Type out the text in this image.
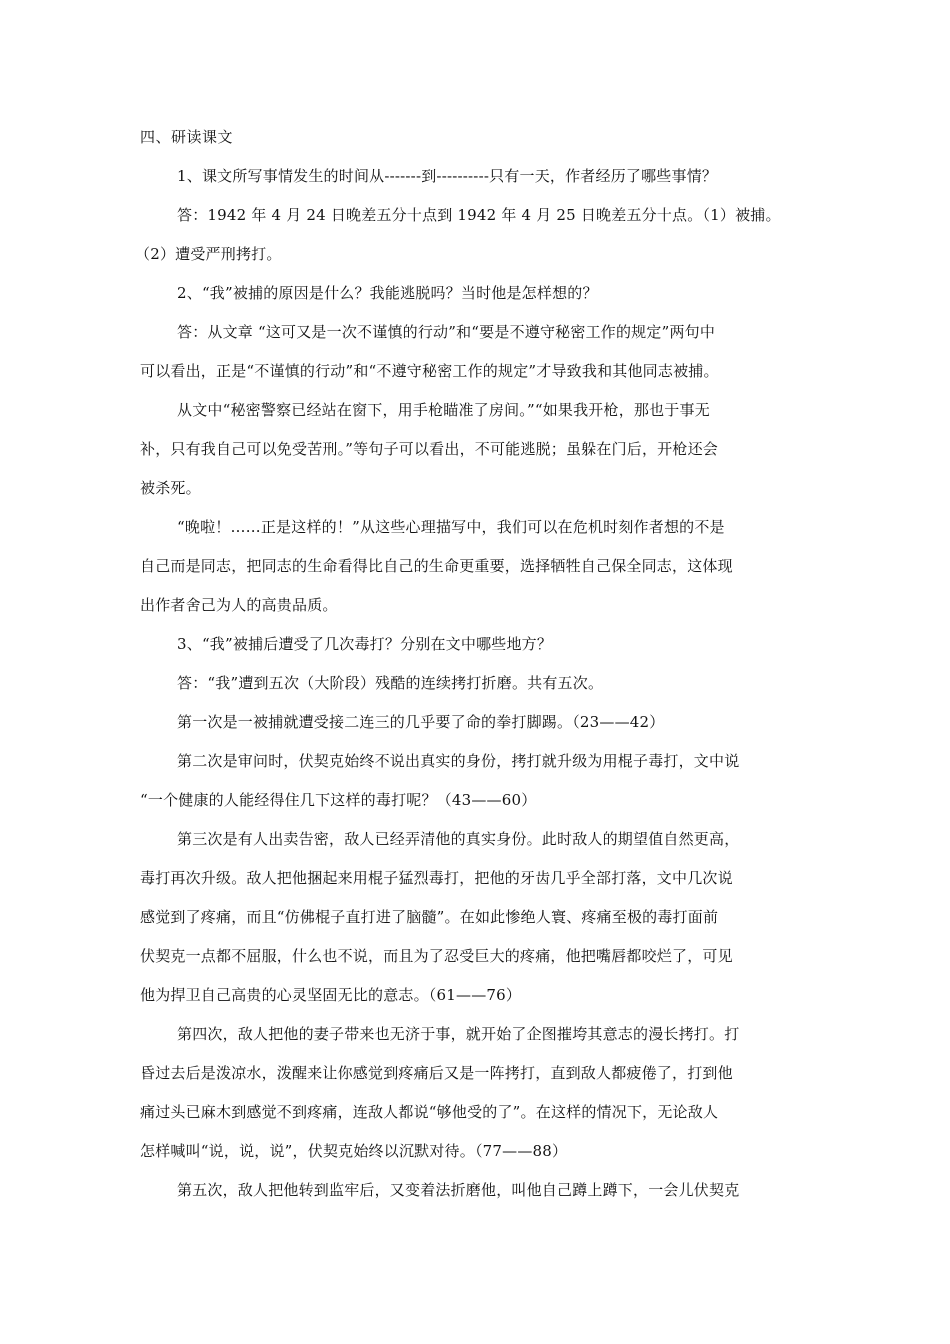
四、研读课文
1、课文所写事情发生的时间从-------到----------只有一天，作者经历了哪些事情？
答：1942 年 4 月 24 日晚差五分十点到 1942 年 4 月 25 日晚差五分十点。（1）被捕。
（2）遭受严刑拷打。
2、“我”被捕的原因是什么？我能逃脱吗？当时他是怎样想的？
答：从文章 “这可又是一次不谨慎的行动”和“要是不遵守秘密工作的规定”两句中
可以看出，正是“不谨慎的行动”和“不遵守秘密工作的规定”才导致我和其他同志被捕。
从文中“秘密警察已经站在窗下，用手枪瞄准了房间。”“如果我开枪，那也于事无
补，只有我自己可以免受苦刑。”等句子可以看出，不可能逃脱；虽躲在门后，开枪还会
被杀死。
“晚啦！……正是这样的！”从这些心理描写中，我们可以在危机时刻作者想的不是
自己而是同志，把同志的生命看得比自己的生命更重要，选择牺牲自己保全同志，这体现
出作者舍己为人的高贵品质。
3、“我”被捕后遭受了几次毒打？分别在文中哪些地方？
答：“我”遭到五次（大阶段）残酷的连续拷打折磨。共有五次。
第一次是一被捕就遭受接二连三的几乎要了命的拳打脚踢。（23——42）
第二次是审问时，伏契克始终不说出真实的身份，拷打就升级为用棍子毒打，文中说
“一个健康的人能经得住几下这样的毒打呢？（43——60）
第三次是有人出卖告密，敌人已经弄清他的真实身份。此时敌人的期望值自然更高，
毒打再次升级。敌人把他捆起来用棍子猛烈毒打，把他的牙齿几乎全部打落，文中几次说
感觉到了疼痛，而且“仿佛棍子直打进了脑髓”。在如此惨绝人寰、疼痛至极的毒打面前
伏契克一点都不屈服，什么也不说，而且为了忍受巨大的疼痛，他把嘴唇都咬烂了，可见
他为捍卫自己高贵的心灵坚固无比的意志。（61——76）
第四次，敌人把他的妻子带来也无济于事，就开始了企图摧垮其意志的漫长拷打。打
昏过去后是泼凉水，泼醒来让你感觉到疼痛后又是一阵拷打，直到敌人都疲倦了，打到他
痛过头已麻木到感觉不到疼痛，连敌人都说“够他受的了”。在这样的情况下，无论敌人
怎样喊叫“说，说，说”，伏契克始终以沉默对待。（77——88）
第五次，敌人把他转到监牢后，又变着法折磨他，叫他自己蹲上蹲下，一会儿伏契克
